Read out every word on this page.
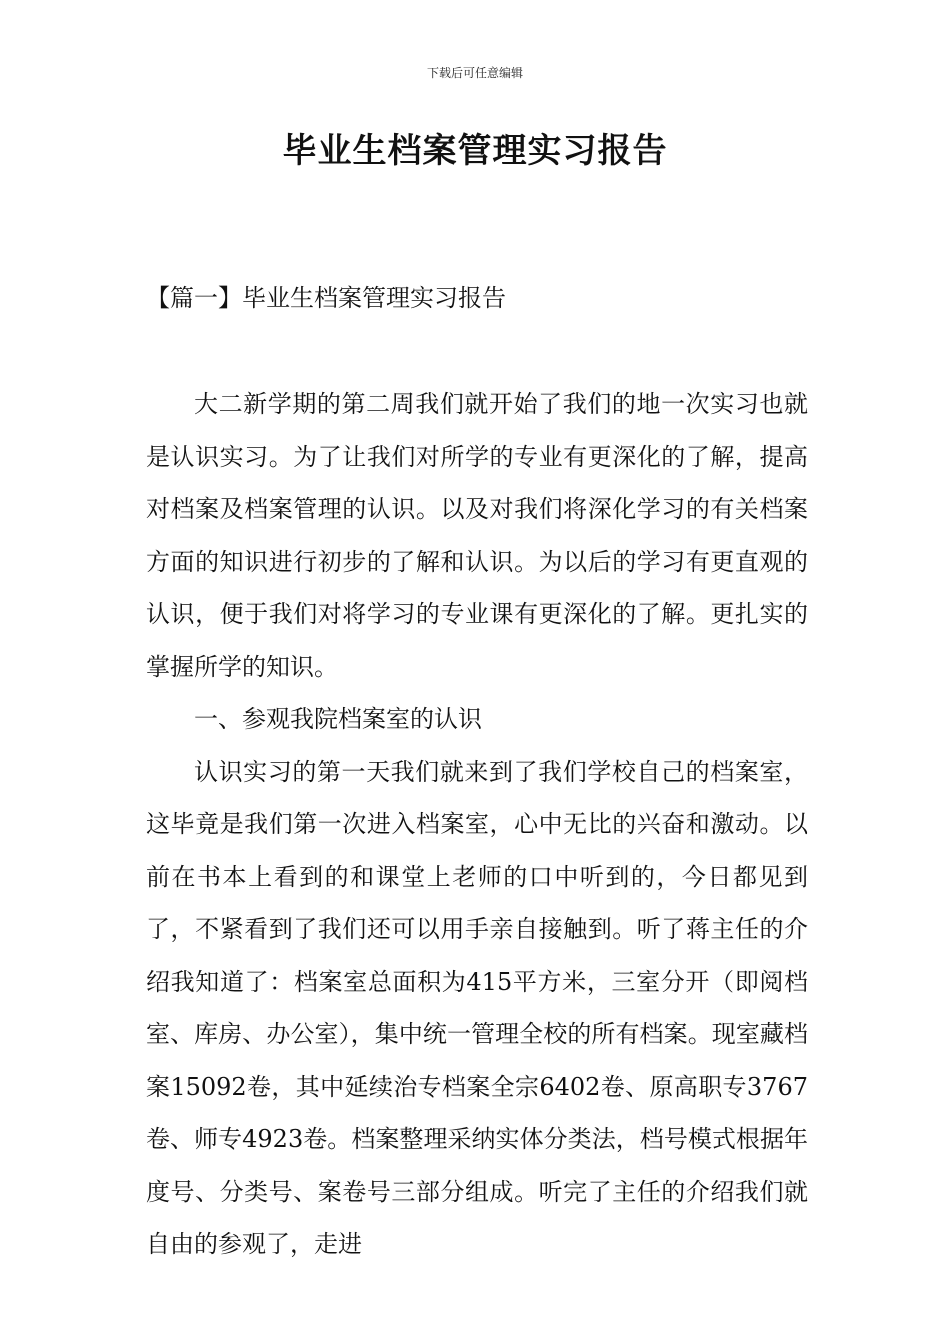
下载后可任意编辑
毕业生档案管理实习报告
【篇一】毕业生档案管理实习报告

大二新学期的第二周我们就开始了我们的地一次实习也就是认识实习。为了让我们对所学的专业有更深化的了解，提高对档案及档案管理的认识。以及对我们将深化学习的有关档案方面的知识进行初步的了解和认识。为以后的学习有更直观的认识，便于我们对将学习的专业课有更深化的了解。更扎实的掌握所学的知识。

一、参观我院档案室的认识

认识实习的第一天我们就来到了我们学校自己的档案室，这毕竟是我们第一次进入档案室，心中无比的兴奋和激动。以前在书本上看到的和课堂上老师的口中听到的，今日都见到了，不紧看到了我们还可以用手亲自接触到。听了蒋主任的介绍我知道了：档案室总面积为415平方米，三室分开（即阅档室、库房、办公室），集中统一管理全校的所有档案。现室藏档案15092卷，其中延续治专档案全宗6402卷、原高职专3767卷、师专4923卷。档案整理采纳实体分类法，档号模式根据年度号、分类号、案卷号三部分组成。听完了主任的介绍我们就自由的参观了，走进
